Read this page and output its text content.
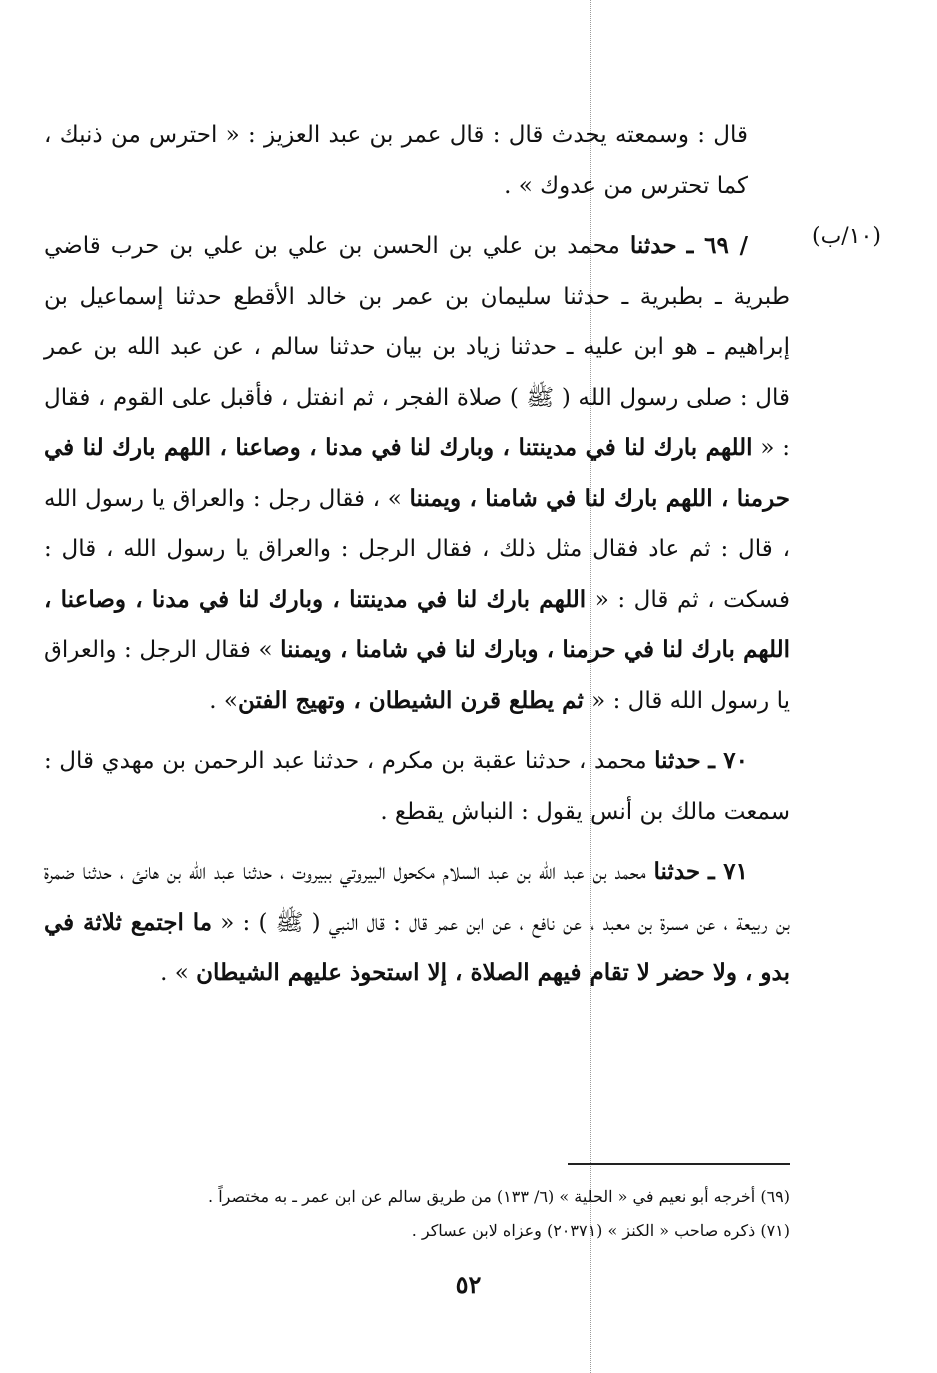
(١٠/ب)

قال : وسمعته يحدث قال : قال عمر بن عبد العزيز : « احترس من ذنبك ، كما تحترس من عدوك » .

/ ٦٩ ـ حدثنا محمد بن علي بن الحسن بن علي بن علي بن حرب قاضي طبرية ـ بطبرية ـ حدثنا سليمان بن عمر بن خالد الأقطع حدثنا إسماعيل بن إبراهيم ـ هو ابن عليه ـ حدثنا زياد بن بيان حدثنا سالم ، عن عبد الله بن عمر قال : صلى رسول الله ( ﷺ ) صلاة الفجر ، ثم انفتل ، فأقبل على القوم ، فقال : « اللهم بارك لنا في مدينتنا ، وبارك لنا في مدنا ، وصاعنا ، اللهم بارك لنا في حرمنا ، اللهم بارك لنا في شامنا ، ويمننا » ، فقال رجل : والعراق يا رسول الله ، قال : ثم عاد فقال مثل ذلك ، فقال الرجل : والعراق يا رسول الله ، قال : فسكت ، ثم قال : « اللهم بارك لنا في مدينتنا ، وبارك لنا في مدنا ، وصاعنا ، اللهم بارك لنا في حرمنا ، وبارك لنا في شامنا ، ويمننا » فقال الرجل : والعراق يا رسول الله قال : « ثم يطلع قرن الشيطان ، وتهيج الفتن» .

٧٠ ـ حدثنا محمد ، حدثنا عقبة بن مكرم ، حدثنا عبد الرحمن بن مهدي قال : سمعت مالك بن أنس يقول : النباش يقطع .

٧١ ـ حدثنا محمد بن عبد الله بن عبد السلام مكحول البيروتي ببيروت ، حدثنا عبد الله بن هانئ ، حدثنا ضمرة بن ربيعة ، عن مسرة بن معبد ، عن نافع ، عن ابن عمر قال : قال النبي ( ﷺ ) : « ما اجتمع ثلاثة في بدو ، ولا حضر لا تقام فيهم الصلاة ، إلا استحوذ عليهم الشيطان » .

(٦٩) أخرجه أبو نعيم في « الحلية » (٦/ ١٣٣) من طريق سالم عن ابن عمر ـ به مختصراً .

(٧١) ذكره صاحب « الكنز » (٢٠٣٧١) وعزاه لابن عساكر .

٥٢
